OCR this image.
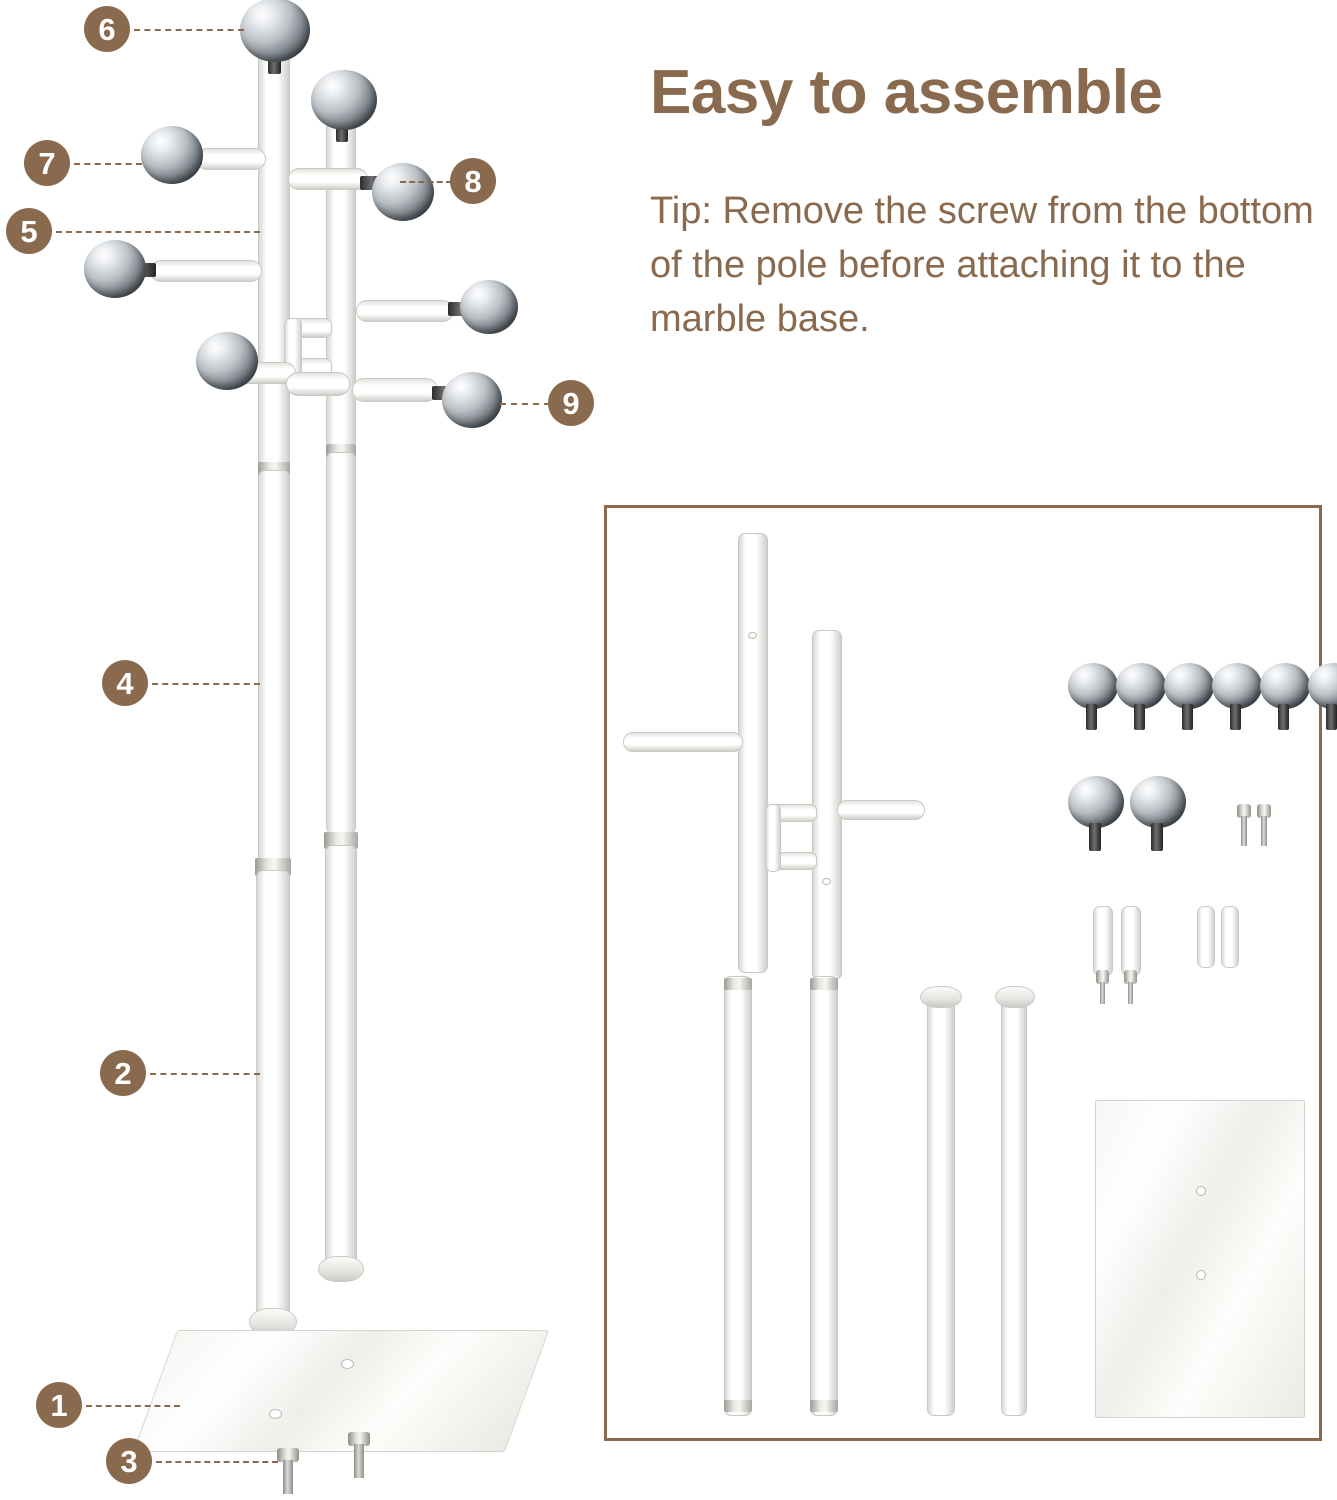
Easy to assemble
Tip: Remove the screw from the bottom of the pole before attaching it to the marble base.
6
7
8
5
9
4
2
1
3
